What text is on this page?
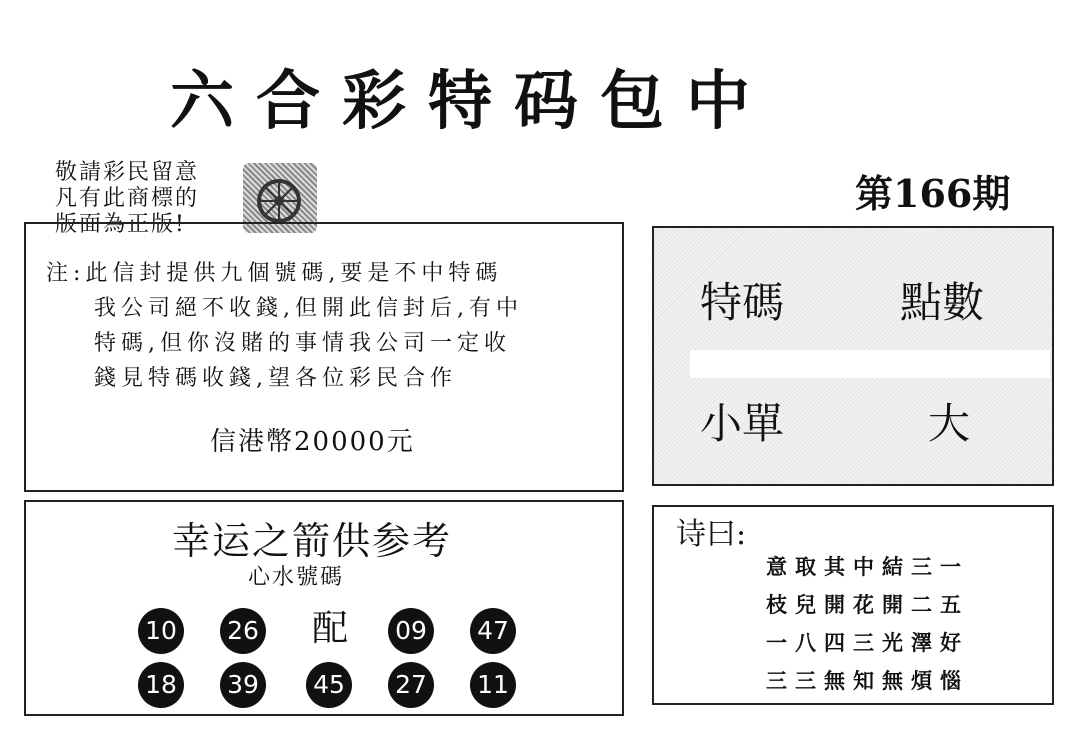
六合彩特码包中
敬請彩民留意
凡有此商標的
版面為正版!
第166期
注:此信封提供九個號碼,要是不中特碼
我公司絕不收錢,但開此信封后,有中
特碼,但你沒賭的事情我公司一定收
錢見特碼收錢,望各位彩民合作
信港幣20000元
特碼	點數
小單	大
幸运之箭供参考
心水號碼
10 26 配 09 47
18 39 45 27 11
诗曰:
意取其中結三一
枝兒開花開二五
一八四三光澤好
三三無知無煩惱
